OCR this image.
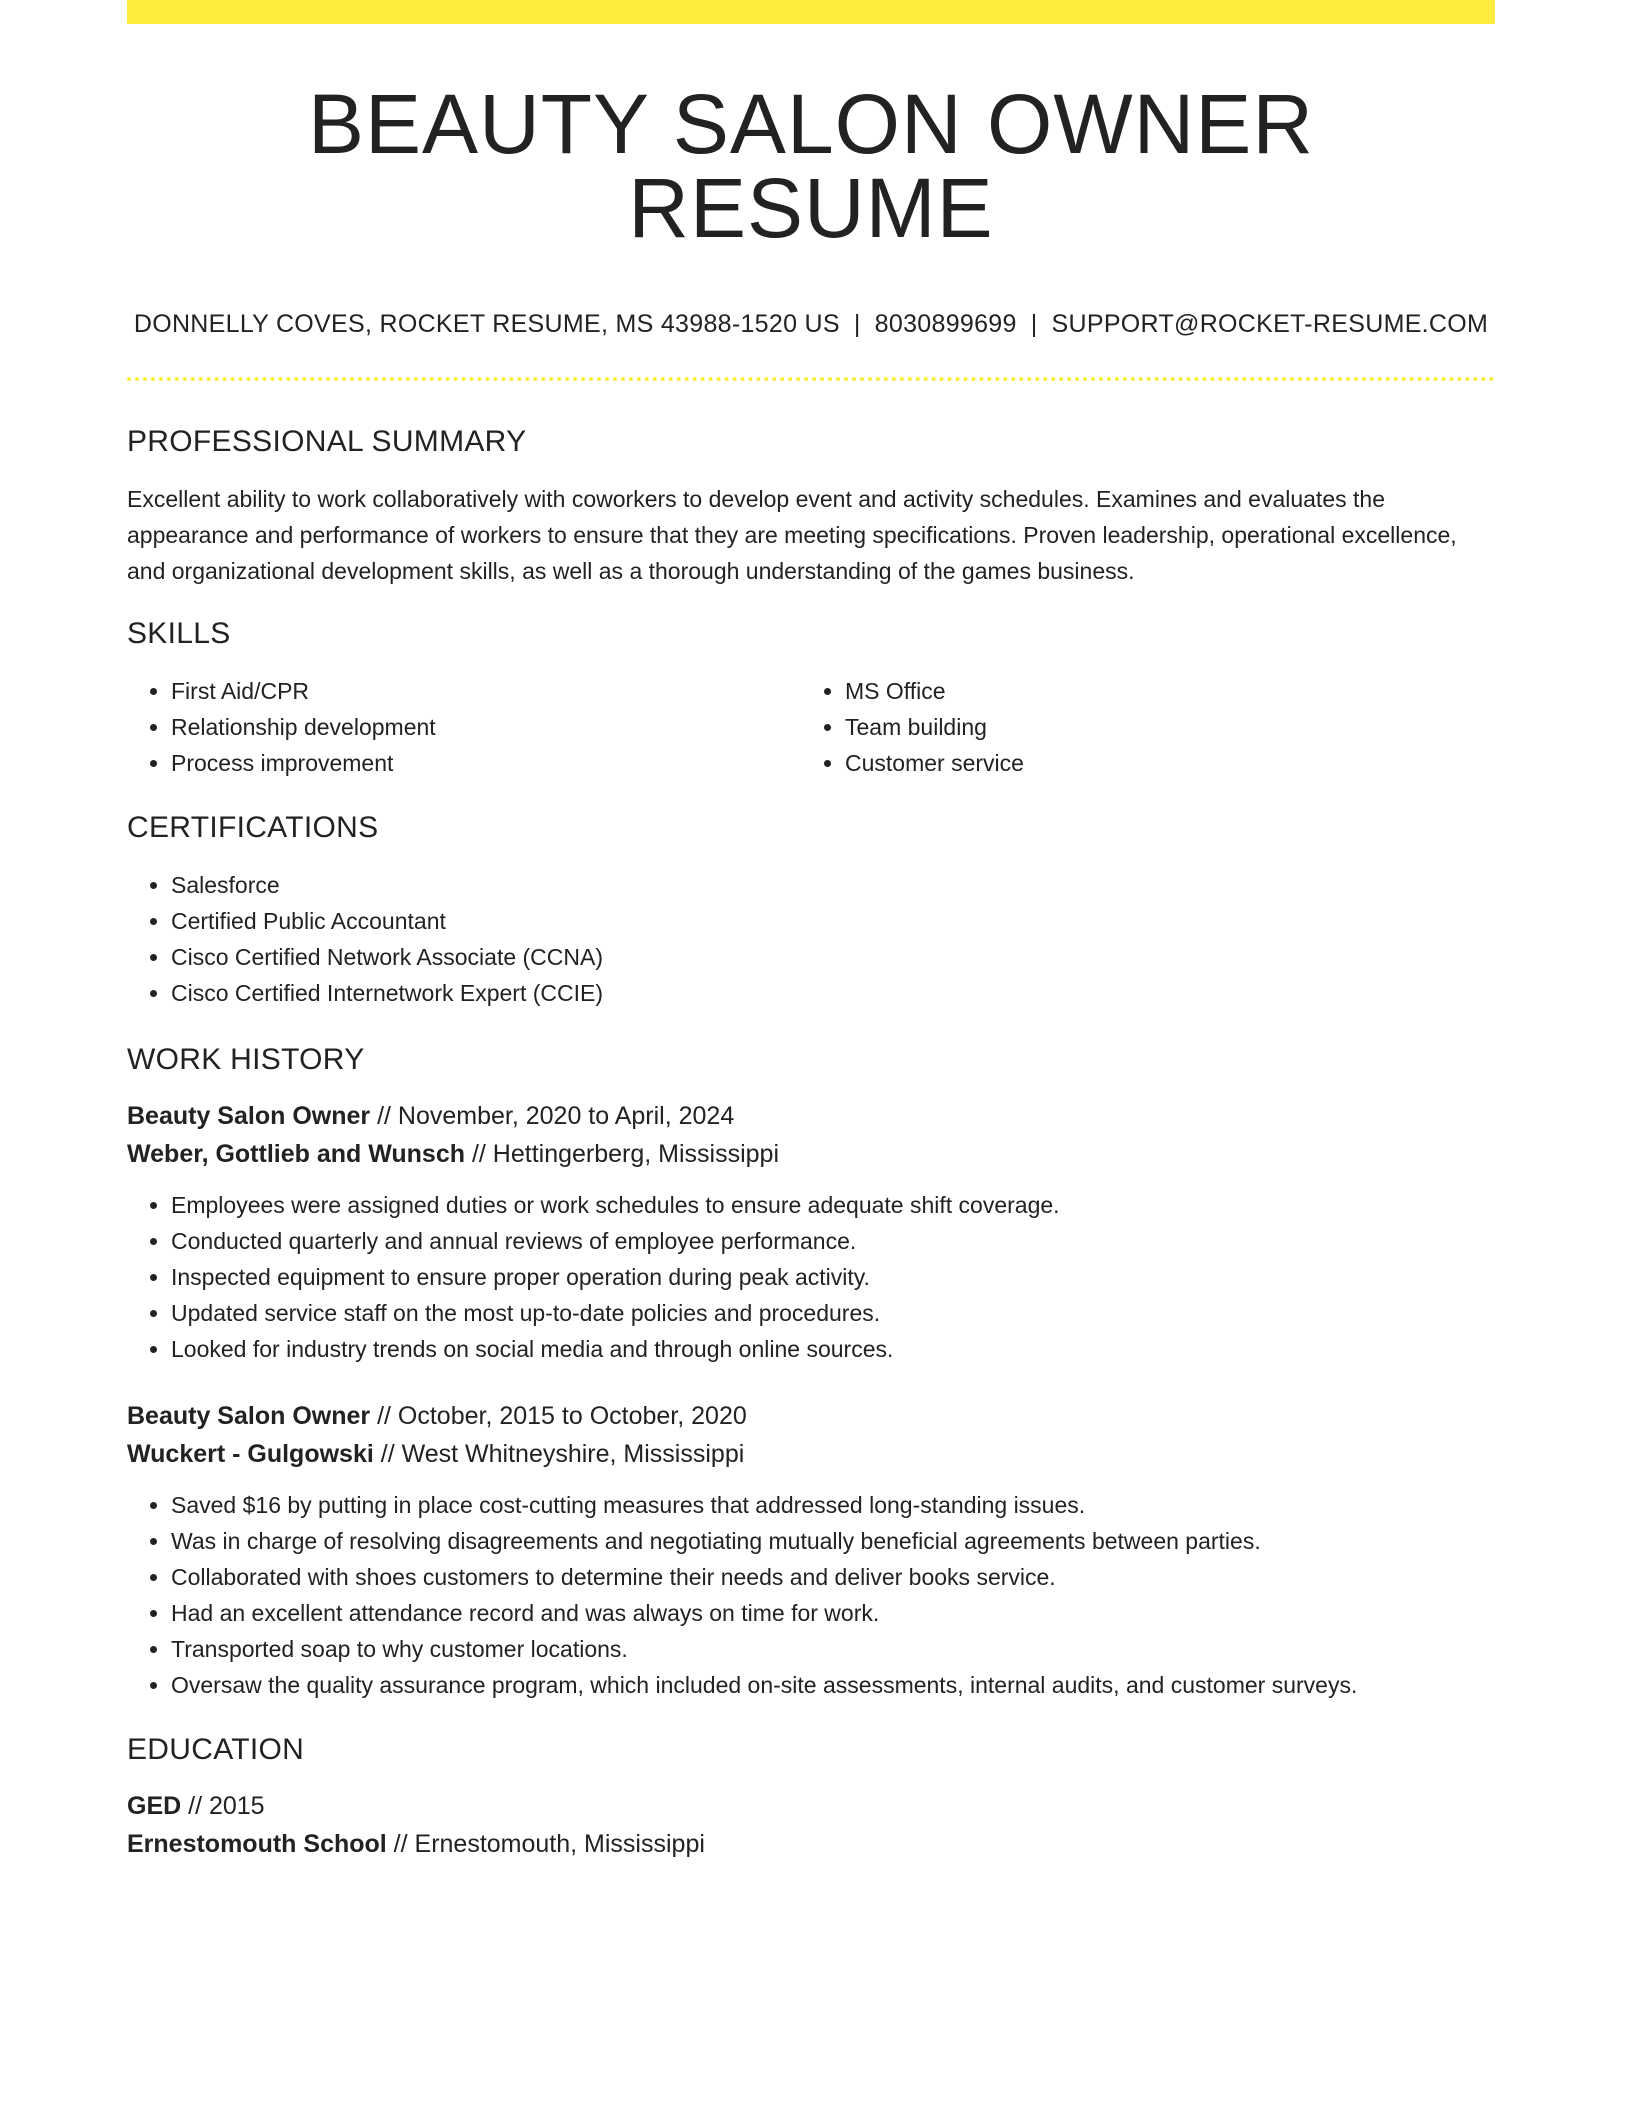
BEAUTY SALON OWNER RESUME
DONNELLY COVES, ROCKET RESUME, MS 43988-1520 US | 8030899699 | SUPPORT@ROCKET-RESUME.COM
PROFESSIONAL SUMMARY

Excellent ability to work collaboratively with coworkers to develop event and activity schedules. Examines and evaluates the appearance and performance of workers to ensure that they are meeting specifications. Proven leadership, operational excellence, and organizational development skills, as well as a thorough understanding of the games business.

SKILLS
• First Aid/CPR
• Relationship development
• Process improvement
• MS Office
• Team building
• Customer service
CERTIFICATIONS
• Salesforce
• Certified Public Accountant
• Cisco Certified Network Associate (CCNA)
• Cisco Certified Internetwork Expert (CCIE)
WORK HISTORY
Beauty Salon Owner // November, 2020 to April, 2024
Weber, Gottlieb and Wunsch // Hettingerberg, Mississippi
• Employees were assigned duties or work schedules to ensure adequate shift coverage.
• Conducted quarterly and annual reviews of employee performance.
• Inspected equipment to ensure proper operation during peak activity.
• Updated service staff on the most up-to-date policies and procedures.
• Looked for industry trends on social media and through online sources.
Beauty Salon Owner // October, 2015 to October, 2020
Wuckert - Gulgowski // West Whitneyshire, Mississippi
• Saved $16 by putting in place cost-cutting measures that addressed long-standing issues.
• Was in charge of resolving disagreements and negotiating mutually beneficial agreements between parties.
• Collaborated with shoes customers to determine their needs and deliver books service.
• Had an excellent attendance record and was always on time for work.
• Transported soap to why customer locations.
• Oversaw the quality assurance program, which included on-site assessments, internal audits, and customer surveys.
EDUCATION
GED // 2015
Ernestomouth School // Ernestomouth, Mississippi
